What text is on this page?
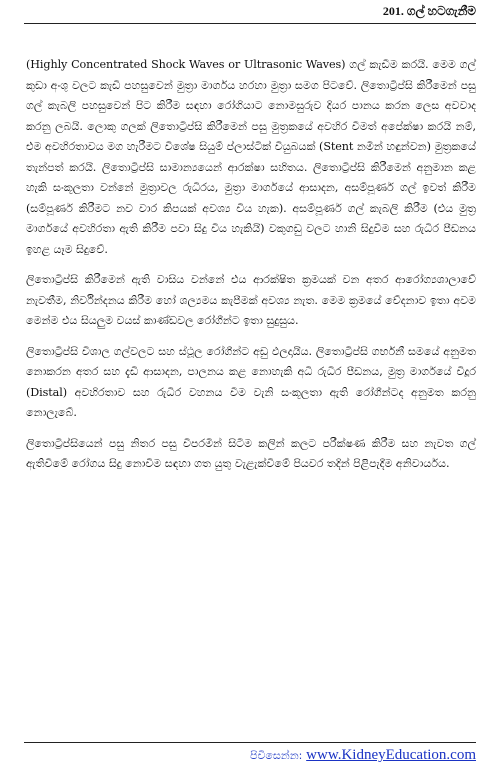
201. ගල් හටගැනීම

(Highly Concentrated Shock Waves or Ultrasonic Waves) ගල් කැඩීම කරයි. මෙම ගල් කුඩා අංශු වලට කැඩී පහසුවෙන් මුත්‍රා මාර්ගය හරහා මුත්‍රා සමග පිටවේ. ලිතොට්‍රිප්සි කිරීමෙන් පසු ගල් කැබලි පහසුවෙන් පිට කිරීම සඳහා රෝගියාට නොමසුරුව දියර පානය කරන ලෙස අවවාද කරනු ලබයි. ලොකු ගලක් ලිතොට්‍රිප්සි කිරීමෙන් පසු මුත්‍රකයේ අවහිර වීමත් අපේක්ෂා කරයි නම්, එම අවහිරතාවය මග හැරීමට විශේෂ සියුම් ප්ලාස්ටික් වියුබයක් (Stent නමින් හඳුන්වන) මුත්‍රකයේ තැන්පත් කරයි. ලිතොට්‍රිප්සි සාමාන්‍යයෙන් ආරක්ෂා සහිතය. ලිතොට්‍රිප්සි කිරීමෙන් අනුමාන කළ හැකි සංකූලතා වන්නේ මුත්‍රාවල රුධිරය, මුත්‍රා මාර්ගයේ ආසාදන, අසම්පූර්ණ ගල් ඉවත් කිරීම (සම්පූර්ණ කිරීමට නව වාර කිපයක් අවශ්‍ය විය හැක). අසම්පූර්ණ ගල් කැබලි කිරීම (එය මුත්‍ර මාර්ගයේ අවහිරතා ඇති කිරීම පවා සිදු විය හැකියි) වකුගඩු වලට හානි සිදුවීම සහ රුධිර පීඩනය ඉහළ යෑම සිදුවේ.

ලිතොට්‍රිප්සි කිරීමෙන් ඇති වාසිය වන්නේ එය ආරක්ෂිත ක්‍රමයක් වන අතර ආරෝග්‍යශාලාවේ නැවතීම, නිර්වින්දනය කිරීම හෝ ශල්‍යමය කැපීමක් අවශ්‍ය නැත. මෙම ක්‍රමයේ වේදනාව ඉතා අවම මෙන්ම එය සියලුම වයස් කාණ්ඩවල රෝගීන්ට ඉතා සුදුසුය.

ලිතොට්‍රිප්සි විශාල ගල්වලට සහ ස්ථූල රෝගීන්ට අඩු ඵලදායිය. ලිතොට්‍රිප්සි ගර්භනී සමයේ අනුමත නොකරන අතර සහ දැඩි ආසාදන, පාලනය කළ නොහැකි අධි රුධිර පීඩනය, මුත්‍ර මාර්ගයේ විදූර (Distal) අවහිරතාව සහ රුධිර වහනය වීම වැනි සංකූලතා ඇති රෝගීන්ටද අනුමත කරනු නොලැබේ.

ලිතොට්‍රිප්සියෙන් පසු නිතර පසු විපරමින් සිටීම කලින් කලට පරීක්ෂණ කිරීම සහ නැවත ගල් ඇතිවීමේ රෝගය සිදු නොවීම සඳහා ගත යුතු වැළැක්වීමේ පියවර තදින් පිළිපැදීම අනිවාර්යය.

පිවිසෙන්න: www.KidneyEducation.com
